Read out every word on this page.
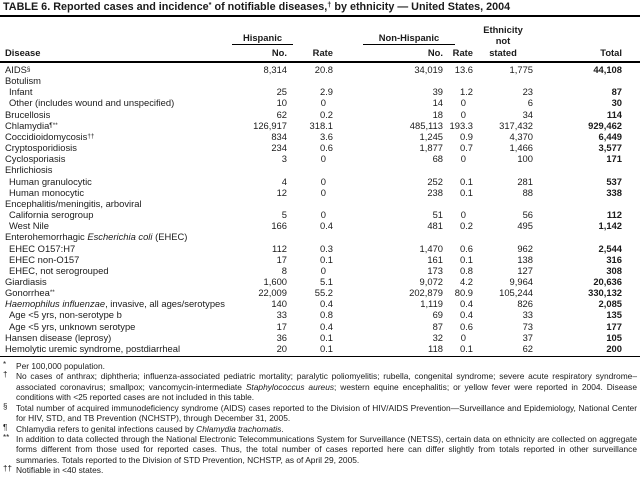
TABLE 6. Reported cases and incidence* of notifiable diseases,† by ethnicity — United States, 2004
Disease
Hispanic	Non-Hispanic
Ethnicity
not
stated
No.	Rate	No.	Rate	Total
AIDS§	8,314	20.8	34,019	13.6	1,775	44,108
Botulism
Infant	25	2.9	39	1.2	23	87
Other (includes wound and unspecified)	10	0	14	0	6	30
Brucellosis	62	0.2	18	0	34	114
Chlamydia¶**	126,917	318.1	485,113 193.3	317,432	929,462
Coccidioidomycosis††	834	3.6	1,245	0.9	4,370	6,449
Cryptosporidiosis	234	0.6	1,877	0.7	1,466	3,577
Cyclosporiasis	3	0	68	0	100	171
Ehrlichiosis
Human granulocytic	4	0	252	0.1	281	537
Human monocytic	12	0	238	0.1	88	338
Encephalitis/meningitis, arboviral
California serogroup	5	0	51	0	56	112
West Nile	166	0.4	481	0.2	495	1,142
Enterohemorrhagic Escherichia coli (EHEC)
EHEC O157:H7	112	0.3	1,470	0.6	962	2,544
EHEC non-O157	17	0.1	161	0.1	138	316
EHEC, not serogrouped	8	0	173	0.8	127	308
Giardiasis	1,600	5.1	9,072	4.2	9,964	20,636
Gonorrhea**	22,009	55.2	202,879	80.9	105,244	330,132
Haemophilus influenzae, invasive, all ages/serotypes	140	0.4	1,119	0.4	826	2,085
Age <5 yrs, non-serotype b	33	0.8	69	0.4	33	135
Age <5 yrs, unknown serotype	17	0.4	87	0.6	73	177
Hansen disease (leprosy)	36	0.1	32	0	37	105
Hemolytic uremic syndrome, postdiarrheal	20	0.1	118	0.1	62	200
*	Per 100,000 population.
†	No cases of anthrax; diphtheria; influenza-associated pediatric mortality; paralytic poliomyelitis; rubella, congenital syndrome; severe acute respiratory syndrome–associated coronavirus; smallpox; vancomycin-intermediate Staphylococcus aureus; western equine encephalitis; or yellow fever were reported in 2004. Disease conditions with <25 reported cases are not included in this table.
§	Total number of acquired immunodeficiency syndrome (AIDS) cases reported to the Division of HIV/AIDS Prevention—Surveillance and Epidemiology, National Center for HIV, STD, and TB Prevention (NCHSTP), through December 31, 2005.
¶	Chlamydia refers to genital infections caused by Chlamydia trachomatis.
** In addition to data collected through the National Electronic Telecommunications System for Surveillance (NETSS), certain data on ethnicity are collected on aggregate forms different from those used for reported cases. Thus, the total number of cases reported here can differ slightly from totals reported in other surveillance summaries. Totals reported to the Division of STD Prevention, NCHSTP, as of April 29, 2005.
†† Notifiable in <40 states.
